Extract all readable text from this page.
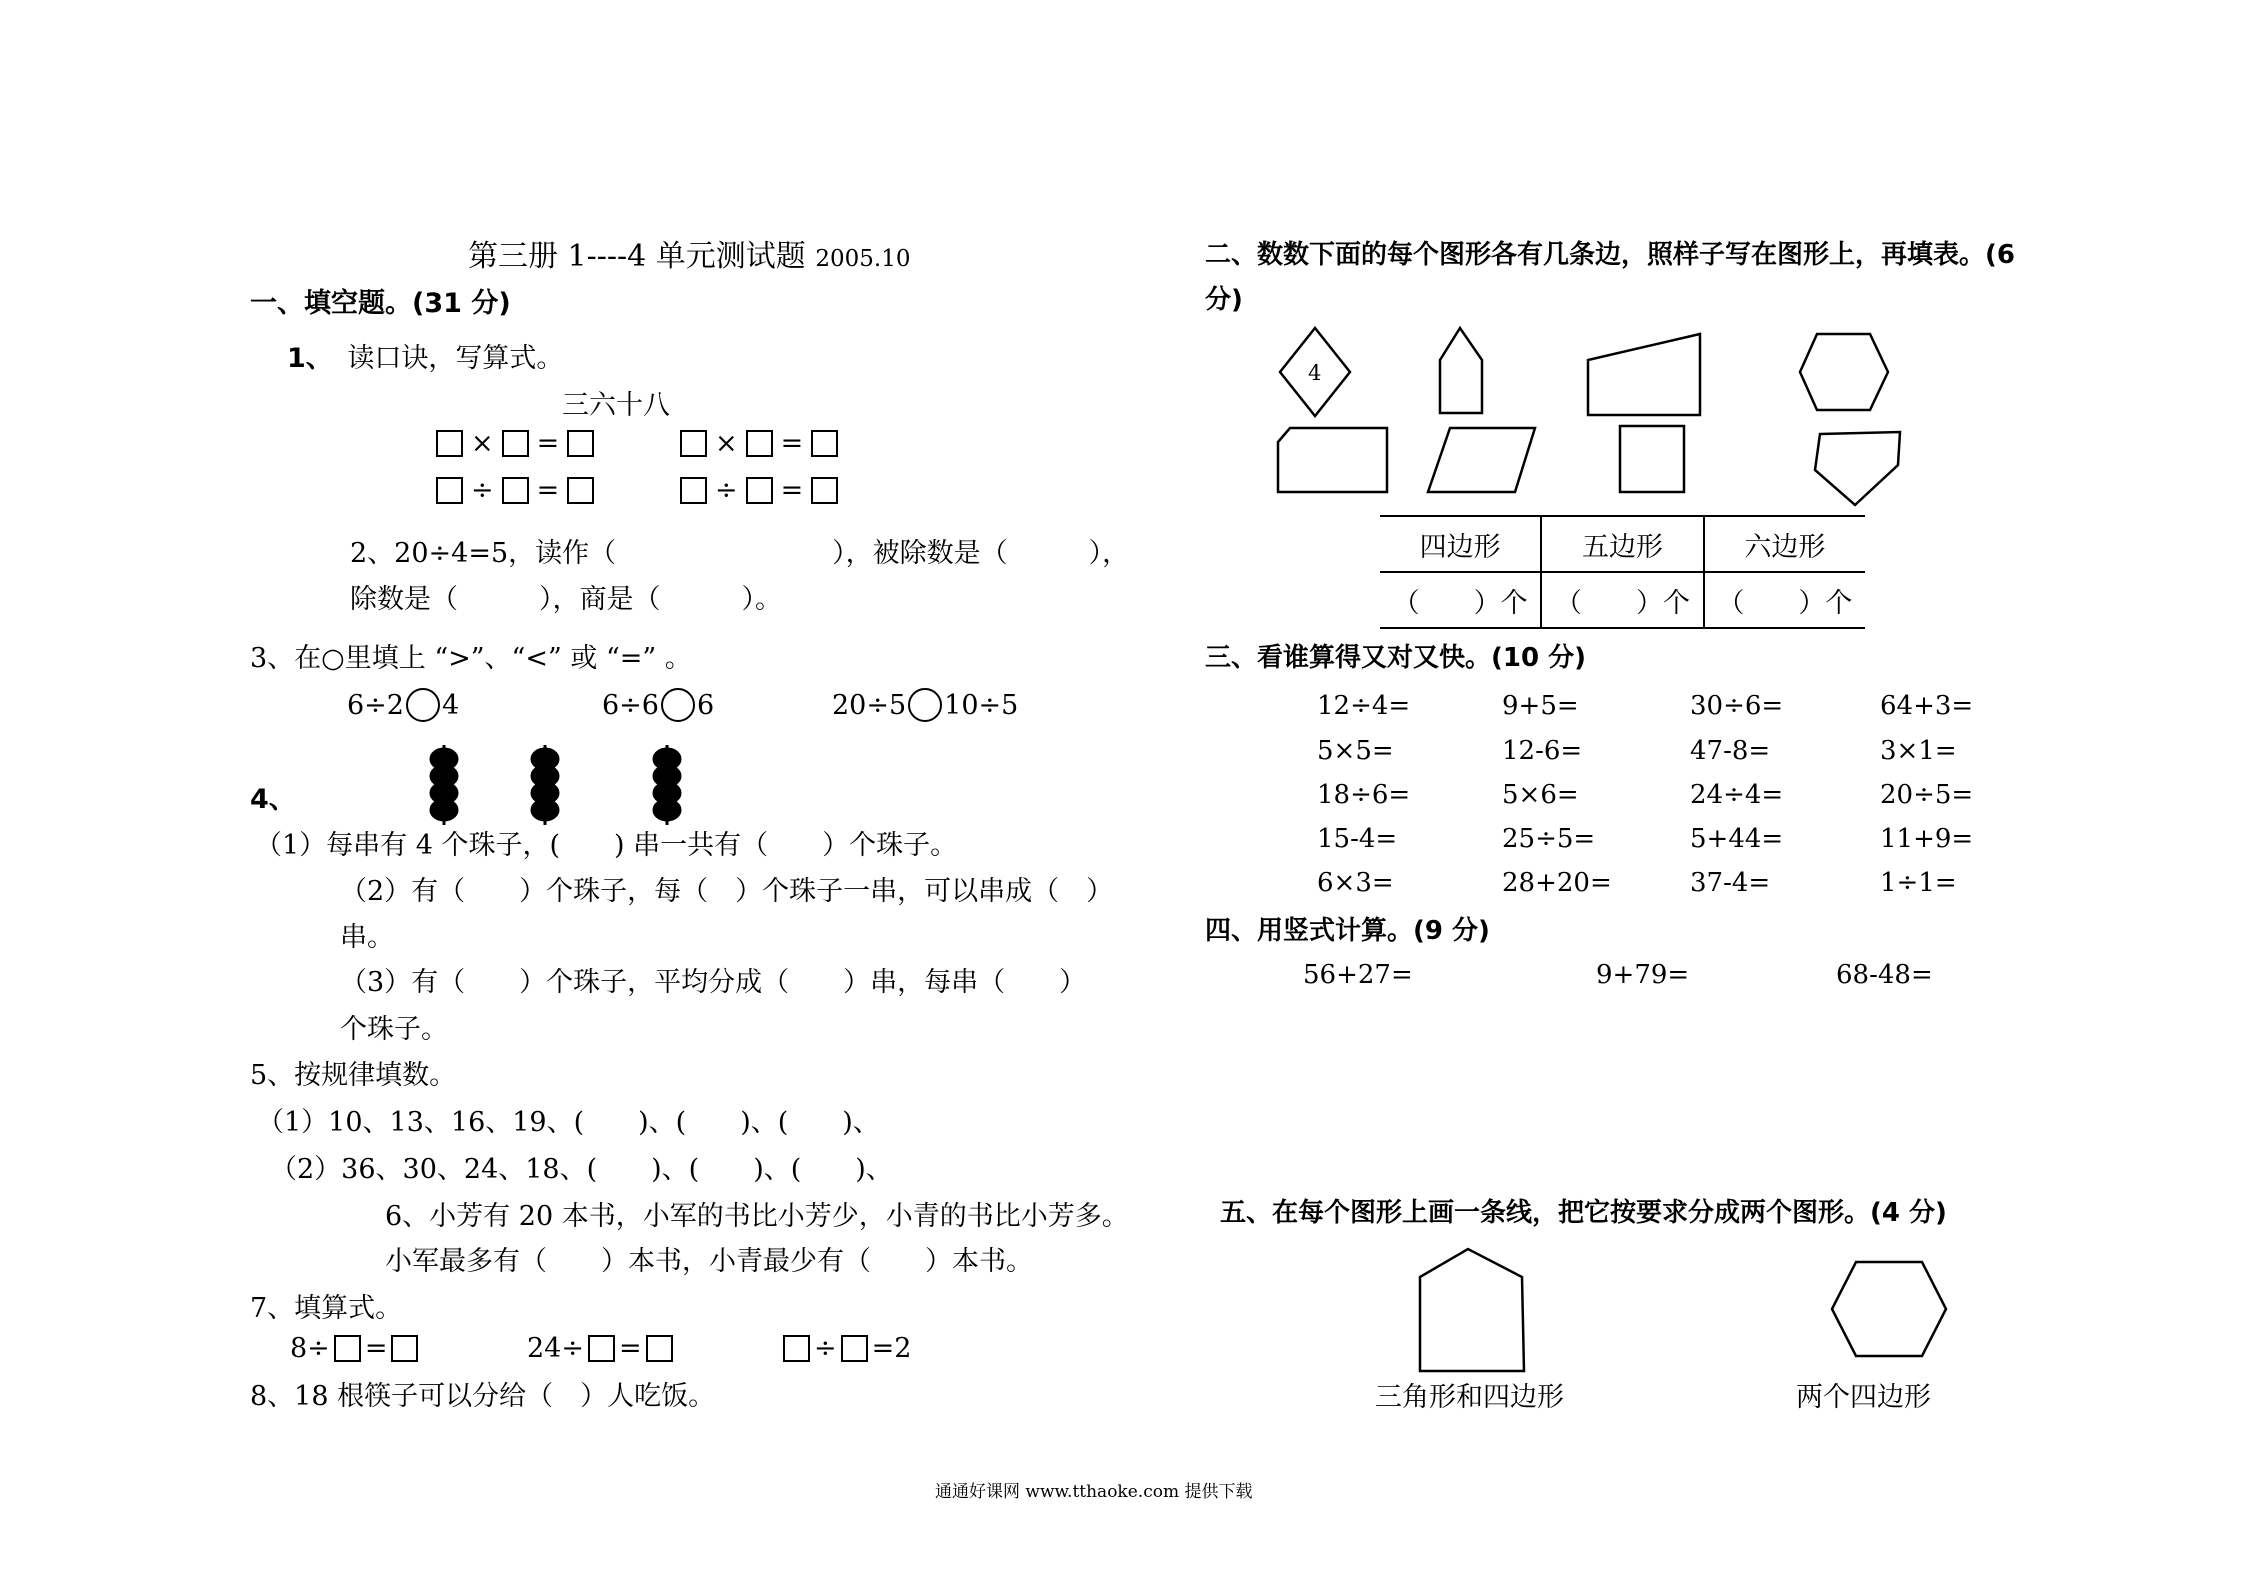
第三册 1----4 单元测试题 2005.10
一、填空题。(31 分)
1、 读口诀，写算式。
三六十八
× =	× =
÷ =	÷ =
2、20÷4=5，读作（　　　　　　　　），被除数是（　　　），
除数是（　　　），商是（　　　）。
3、在○里填上 “>”、“<” 或 “=” 。
6÷2 4	6÷6 6	20÷5 10÷5
4、
（1）每串有 4 个珠子，(　　) 串一共有（　　）个珠子。
（2）有（　　）个珠子，每（　）个珠子一串，可以串成（　）
串。
（3）有（　　）个珠子，平均分成（　　）串，每串（　　）
个珠子。
5、按规律填数。
（1）10、13、16、19、(　　)、(　　)、(　　)、
（2）36、30、24、18、(　　)、(　　)、(　　)、
6、小芳有 20 本书，小军的书比小芳少，小青的书比小芳多。
小军最多有（　　）本书，小青最少有（　　）本书。
7、填算式。
8÷ =	24÷ =	÷ =2
8、18 根筷子可以分给（　）人吃饭。
二、数数下面的每个图形各有几条边，照样子写在图形上，再填表。(6
分)
4
四边形	五边形	六边形
（　　）个	（　　）个	（　　）个
三、看谁算得又对又快。(10 分)
12÷4=	9+5=	30÷6=	64+3=
5×5=	12-6=	47-8=	3×1=
18÷6=	5×6=	24÷4=	20÷5=
15-4=	25÷5=	5+44=	11+9=
6×3=	28+20=	37-4=	1÷1=
四、用竖式计算。(9 分)
56+27=	9+79=	68-48=
五、在每个图形上画一条线，把它按要求分成两个图形。(4 分)
三角形和四边形	两个四边形
通通好课网 www.tthaoke.com 提供下载
